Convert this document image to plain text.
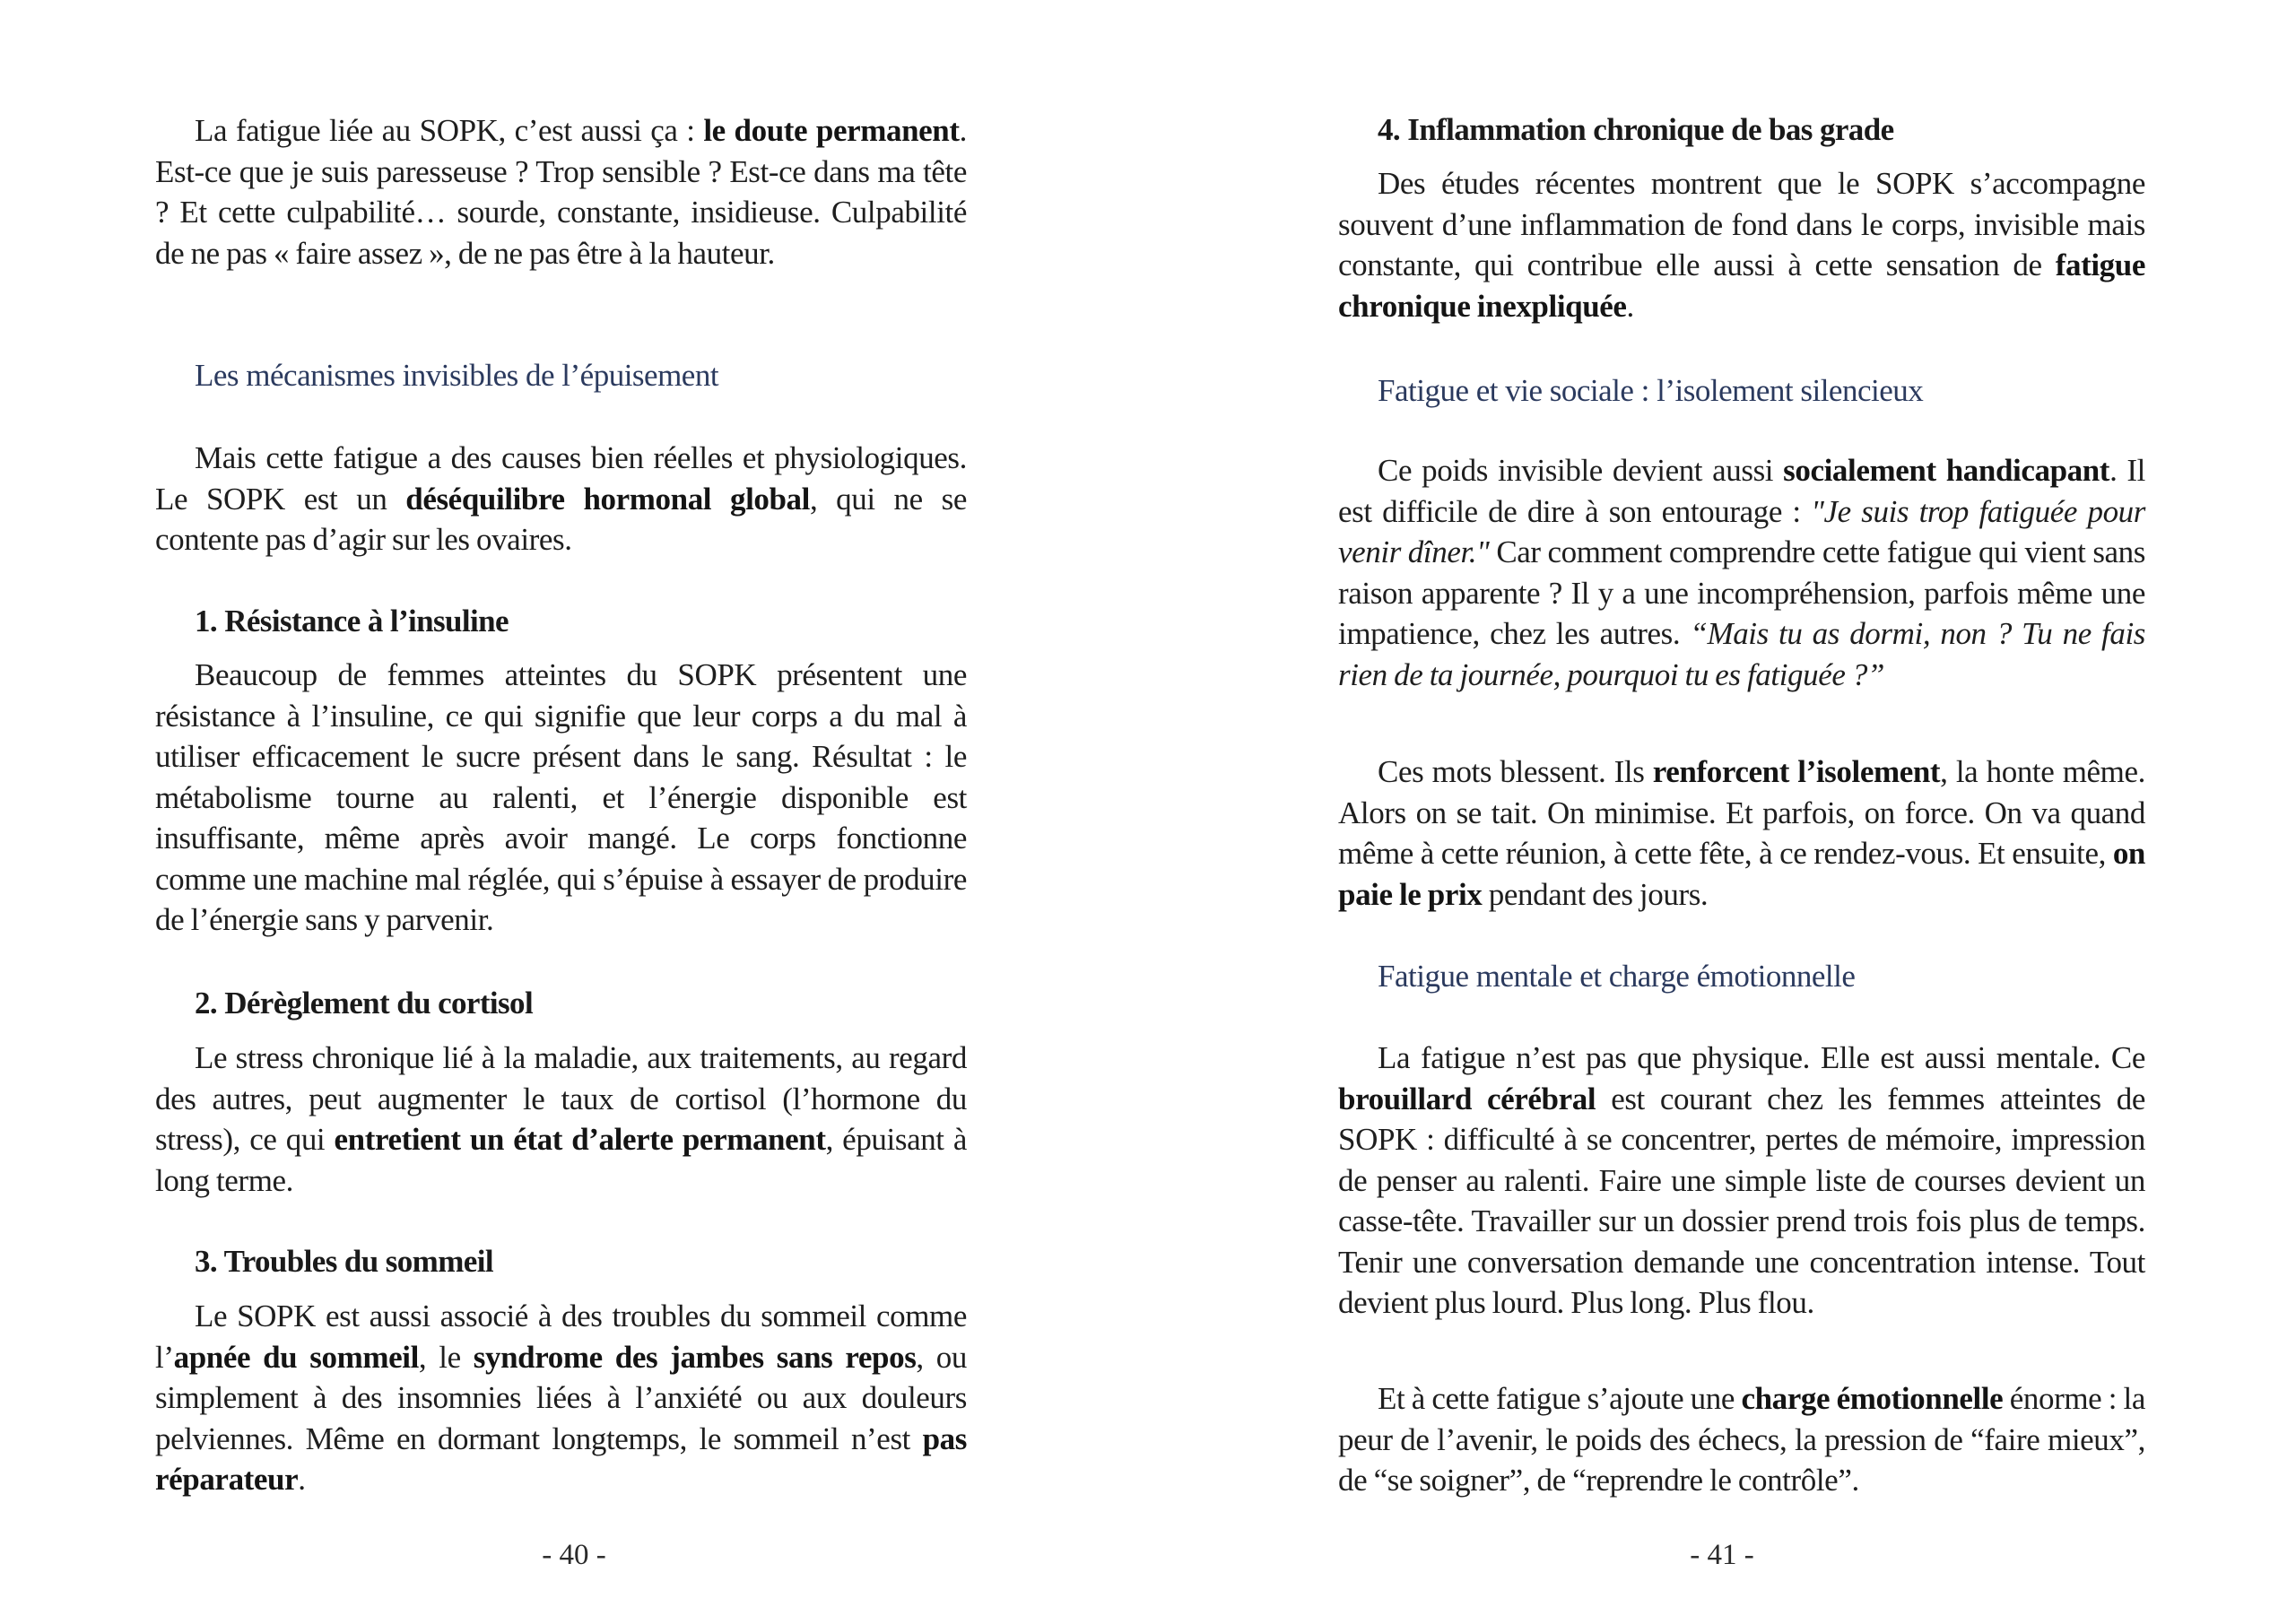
La fatigue liée au SOPK, c’est aussi ça : le doute permanent. Est-ce que je suis paresseuse ? Trop sensible ? Est-ce dans ma tête ? Et cette culpabilité… sourde, constante, insidieuse. Culpabilité de ne pas « faire assez », de ne pas être à la hauteur.

Les mécanismes invisibles de l’épuisement

Mais cette fatigue a des causes bien réelles et physiologiques. Le SOPK est un déséquilibre hormonal global, qui ne se contente pas d’agir sur les ovaires.

1. Résistance à l’insuline

Beaucoup de femmes atteintes du SOPK présentent une résistance à l’insuline, ce qui signifie que leur corps a du mal à utiliser efficacement le sucre présent dans le sang. Résultat : le métabolisme tourne au ralenti, et l’énergie disponible est insuffisante, même après avoir mangé. Le corps fonctionne comme une machine mal réglée, qui s’épuise à essayer de produire de l’énergie sans y parvenir.

2. Dérèglement du cortisol

Le stress chronique lié à la maladie, aux traitements, au regard des autres, peut augmenter le taux de cortisol (l’hormone du stress), ce qui entretient un état d’alerte permanent, épuisant à long terme.

3. Troubles du sommeil

Le SOPK est aussi associé à des troubles du sommeil comme l’apnée du sommeil, le syndrome des jambes sans repos, ou simplement à des insomnies liées à l’anxiété ou aux douleurs pelviennes. Même en dormant longtemps, le sommeil n’est pas réparateur.

- 40 -
4. Inflammation chronique de bas grade

Des études récentes montrent que le SOPK s’accompagne souvent d’une inflammation de fond dans le corps, invisible mais constante, qui contribue elle aussi à cette sensation de fatigue chronique inexpliquée.

Fatigue et vie sociale : l’isolement silencieux

Ce poids invisible devient aussi socialement handicapant. Il est difficile de dire à son entourage : "Je suis trop fatiguée pour venir dîner." Car comment comprendre cette fatigue qui vient sans raison apparente ? Il y a une incompréhension, parfois même une impatience, chez les autres. “Mais tu as dormi, non ? Tu ne fais rien de ta journée, pourquoi tu es fatiguée ?”

Ces mots blessent. Ils renforcent l’isolement, la honte même. Alors on se tait. On minimise. Et parfois, on force. On va quand même à cette réunion, à cette fête, à ce rendez-vous. Et ensuite, on paie le prix pendant des jours.

Fatigue mentale et charge émotionnelle

La fatigue n’est pas que physique. Elle est aussi mentale. Ce brouillard cérébral est courant chez les femmes atteintes de SOPK : difficulté à se concentrer, pertes de mémoire, impression de penser au ralenti. Faire une simple liste de courses devient un casse-tête. Travailler sur un dossier prend trois fois plus de temps. Tenir une conversation demande une concentration intense. Tout devient plus lourd. Plus long. Plus flou.

Et à cette fatigue s’ajoute une charge émotionnelle énorme : la peur de l’avenir, le poids des échecs, la pression de “faire mieux”, de “se soigner”, de “reprendre le contrôle”.

- 41 -
